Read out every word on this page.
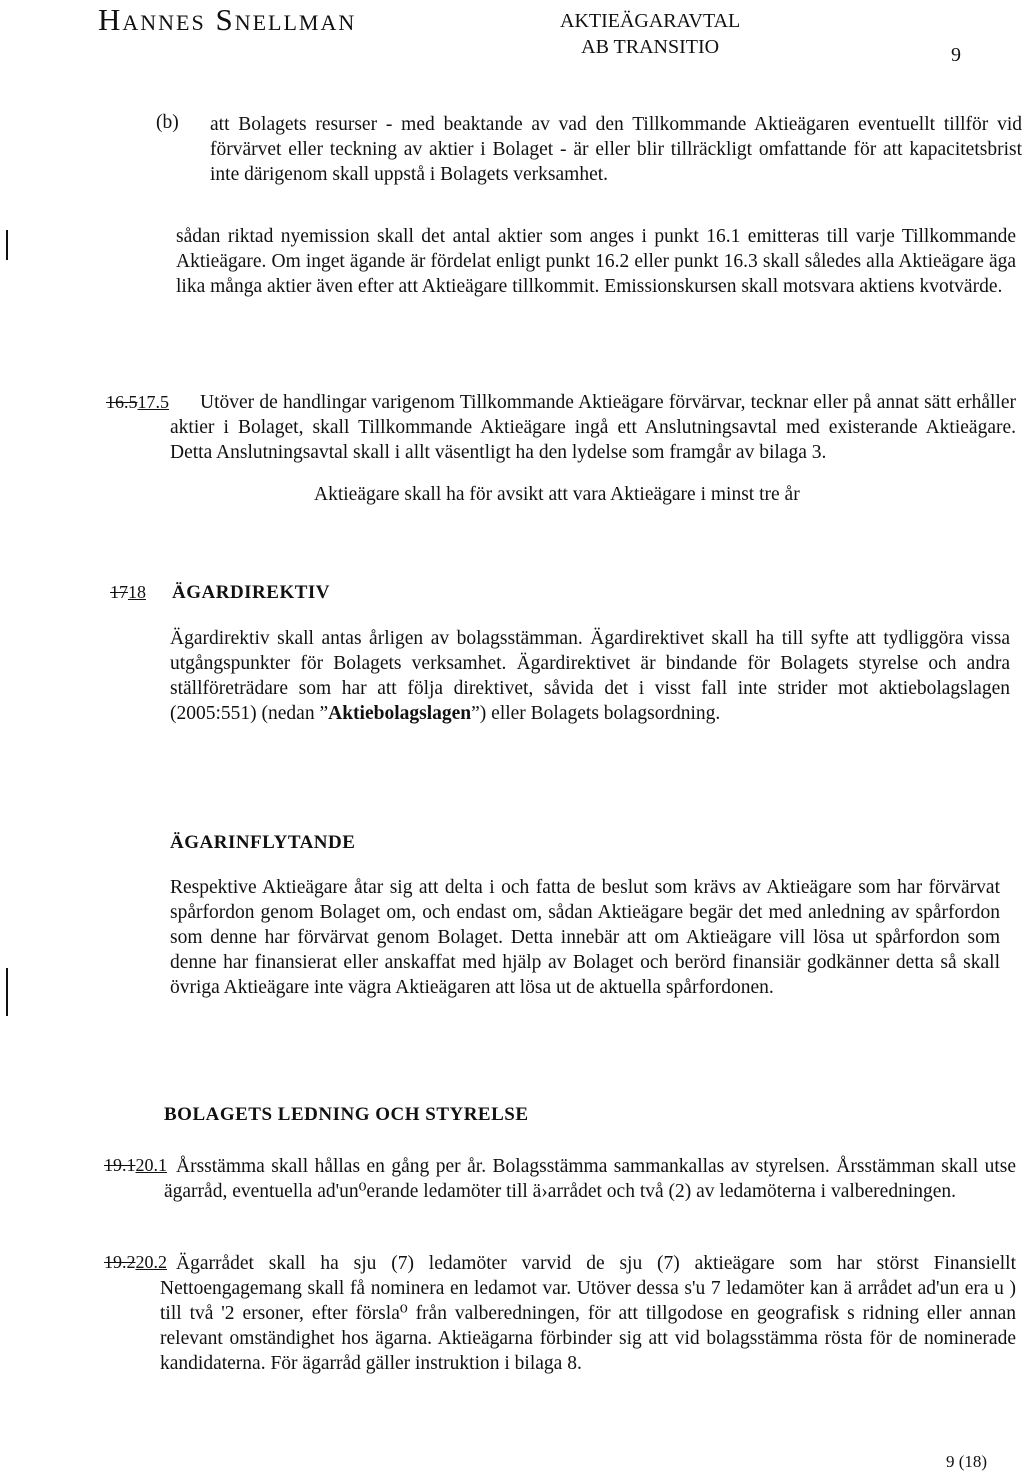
Hannes Snellman	AKTIEÄGARAVTAL
AB TRANSITIO	9
(b) att Bolagets resurser - med beaktande av vad den Tillkommande Aktieägaren eventuellt tillför vid förvärvet eller teckning av aktier i Bolaget - är eller blir tillräckligt omfattande för att kapacitetsbrist inte därigenom skall uppstå i Bolagets verksamhet.
sådan riktad nyemission skall det antal aktier som anges i punkt 16.1 emitteras till varje Tillkommande Aktieägare. Om inget ägande är fördelat enligt punkt 16.2 eller punkt 16.3 skall således alla Aktieägare äga lika många aktier även efter att Aktieägare tillkommit. Emissionskursen skall motsvara aktiens kvotvärde.
16.517.5	Utöver de handlingar varigenom Tillkommande Aktieägare förvärvar, tecknar eller på annat sätt erhåller aktier i Bolaget, skall Tillkommande Aktieägare ingå ett Anslutningsavtal med existerande Aktieägare. Detta Anslutningsavtal skall i allt väsentligt ha den lydelse som framgår av bilaga 3.
Aktieägare skall ha för avsikt att vara Aktieägare i minst tre år
1718 ÄGARDIREKTIV
Ägardirektiv skall antas årligen av bolagsstämman. Ägardirektivet skall ha till syfte att tydliggöra vissa utgångspunkter för Bolagets verksamhet. Ägardirektivet är bindande för Bolagets styrelse och andra ställföreträdare som har att följa direktivet, såvida det i visst fall inte strider mot aktiebolagslagen (2005:551) (nedan ”Aktiebolagslagen”) eller Bolagets bolagsordning.
ÄGARINFLYTANDE
Respektive Aktieägare åtar sig att delta i och fatta de beslut som krävs av Aktieägare som har förvärvat spårfordon genom Bolaget om, och endast om, sådan Aktieägare begär det med anledning av spårfordon som denne har förvärvat genom Bolaget. Detta innebär att om Aktieägare vill lösa ut spårfordon som denne har finansierat eller anskaffat med hjälp av Bolaget och berörd finansiär godkänner detta så skall övriga Aktieägare inte vägra Aktieägaren att lösa ut de aktuella spårfordonen.
BOLAGETS LEDNING OCH STYRELSE
19.120.1 Årsstämma skall hållas en gång per år. Bolagsstämma sammankallas av styrelsen. Årsstämman skall utse ägarråd, eventuella ad'un⁰erande ledamöter till ä›arrådet och två (2) av ledamöterna i valberedningen.
19.220.2 Ägarrådet skall ha sju (7) ledamöter varvid de sju (7) aktieägare som har störst Finansiellt Nettoengagemang skall få nominera en ledamot var. Utöver dessa s'u 7 ledamöter kan ä arrådet ad'un era u ) till två '2 ersoner, efter försla⁰ från valberedningen, för att tillgodose en geografisk s ridning eller annan relevant omständighet hos ägarna. Aktieägarna förbinder sig att vid bolagsstämma rösta för de nominerade kandidaterna. För ägarråd gäller instruktion i bilaga 8.
9 (18)
